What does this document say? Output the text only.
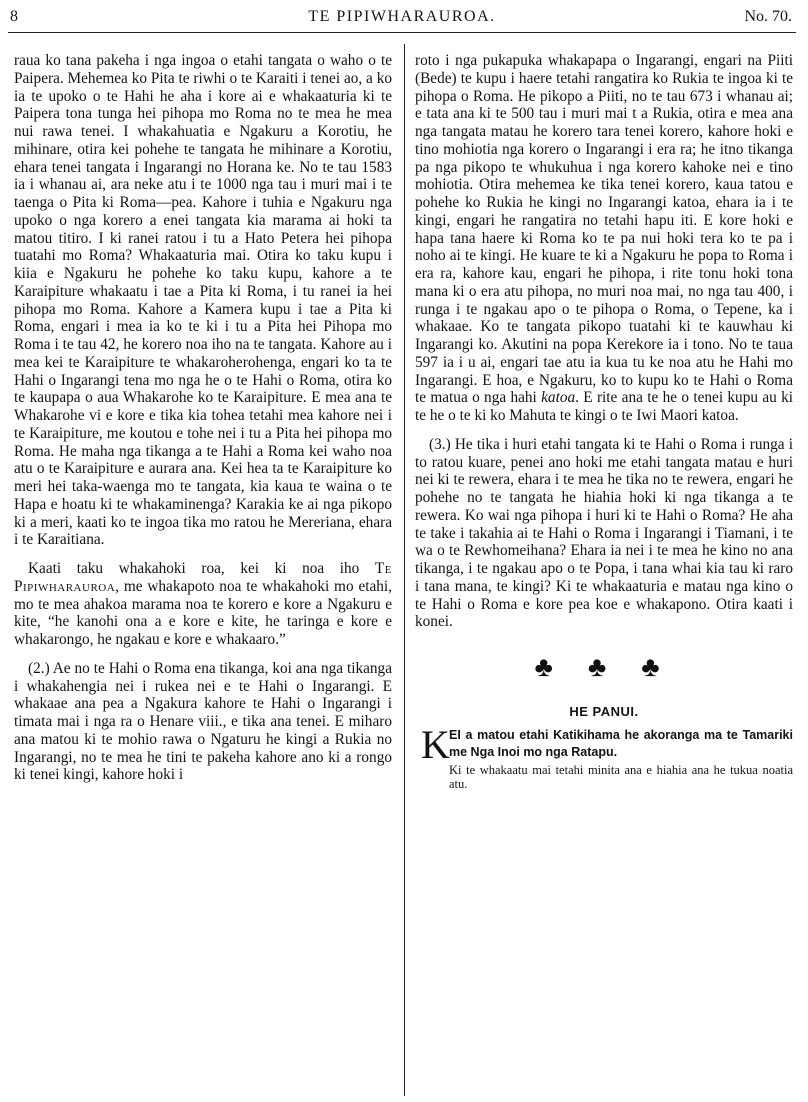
8	TE PIPIWHARAUROA.	No. 70.

raua ko tana pakeha i nga ingoa o etahi tangata o waho o te Paipera. Mehemea ko Pita te riwhi o te Karaiti i tenei ao, a ko ia te upoko o te Hahi he aha i kore ai e whakaaturia ki te Paipera tona tunga hei pihopa mo Roma no te mea he mea nui rawa tenei. I whakahuatia e Ngakuru a Korotiu, he mihinare, otira kei pohehe te tangata he mihinare a Korotiu, ehara tenei tangata i Ingarangi no Horana ke. No te tau 1583 ia i whanau ai, ara neke atu i te 1000 nga tau i muri mai i te taenga o Pita ki Roma—pea. Kahore i tuhia e Ngakuru nga upoko o nga korero a enei tangata kia marama ai hoki ta matou titiro. I ki ranei ratou i tu a Hato Petera hei pihopa tuatahi mo Roma? Whakaaturia mai. Otira ko taku kupu i kiia e Ngakuru he pohehe ko taku kupu, kahore a te Karaipiture whakaatu i tae a Pita ki Roma, i tu ranei ia hei pihopa mo Roma. Kahore a Kamera kupu i tae a Pita ki Roma, engari i mea ia ko te ki i tu a Pita hei Pihopa mo Roma i te tau 42, he korero noa iho na te tangata. Kahore au i mea kei te Karaipiture te whakaroherohenga, engari ko ta te Hahi o Ingarangi tena mo nga he o te Hahi o Roma, otira ko te kaupapa o aua Whakarohe ko te Karaipiture. E mea ana te Whakarohe vi e kore e tika kia tohea tetahi mea kahore nei i te Karaipiture, me koutou e tohe nei i tu a Pita hei pihopa mo Roma. He maha nga tikanga a te Hahi a Roma kei waho noa atu o te Karaipiture e aurara ana. Kei hea ta te Karaipiture ko meri hei taka-waenga mo te tangata, kia kaua te waina o te Hapa e hoatu ki te whakaminenga? Karakia ke ai nga pikopo ki a meri, kaati ko te ingoa tika mo ratou he Mereriana, ehara i te Karaitiana.

Kaati taku whakahoki roa, kei ki noa iho Te Pipiwharauroa, me whakapoto noa te whakahoki mo etahi, mo te mea ahakoa marama noa te korero e kore a Ngakuru e kite, “he kanohi ona a e kore e kite, he taringa e kore e whakarongo, he ngakau e kore e whakaaro.”

(2.) Ae no te Hahi o Roma ena tikanga, koi ana nga tikanga i whakahengia nei i rukea nei e te Hahi o Ingarangi. E whakaae ana pea a Ngakura kahore te Hahi o Ingarangi i timata mai i nga ra o Henare viii., e tika ana tenei. E miharo ana matou ki te mohio rawa o Ngaturu he kingi a Rukia no Ingarangi, no te mea he tini te pakeha kahore ano ki a rongo ki tenei kingi, kahore hoki i

roto i nga pukapuka whakapapa o Ingarangi, engari na Piiti (Bede) te kupu i haere tetahi rangatira ko Rukia te ingoa ki te pihopa o Roma. He pikopo a Piiti, no te tau 673 i whanau ai; e tata ana ki te 500 tau i muri mai t a Rukia, otira e mea ana nga tangata matau he korero tara tenei korero, kahore hoki e tino mohiotia nga korero o Ingarangi i era ra; he itno tikanga pa nga pikopo te whukuhua i nga korero kahoke nei e tino mohiotia. Otira mehemea ke tika tenei korero, kaua tatou e pohehe ko Rukia he kingi no Ingarangi katoa, ehara ia i te kingi, engari he rangatira no tetahi hapu iti. E kore hoki e hapa tana haere ki Roma ko te pa nui hoki tera ko te pa i noho ai te kingi. He kuare te ki a Ngakuru he popa to Roma i era ra, kahore kau, engari he pihopa, i rite tonu hoki tona mana ki o era atu pihopa, no muri noa mai, no nga tau 400, i runga i te ngakau apo o te pihopa o Roma, o Tepene, ka i whakaae. Ko te tangata pikopo tuatahi ki te kauwhau ki Ingarangi ko. Akutini na popa Kerekore ia i tono. No te taua 597 ia i u ai, engari tae atu ia kua tu ke noa atu he Hahi mo Ingarangi. E hoa, e Ngakuru, ko to kupu ko te Hahi o Roma te matua o nga hahi katoa. E rite ana te he o tenei kupu au ki te he o te ki ko Mahuta te kingi o te Iwi Maori katoa.

(3.) He tika i huri etahi tangata ki te Hahi o Roma i runga i to ratou kuare, penei ano hoki me etahi tangata matau e huri nei ki te rewera, ehara i te mea he tika no te rewera, engari he pohehe no te tangata he hiahia hoki ki nga tikanga a te rewera. Ko wai nga pihopa i huri ki te Hahi o Roma? He aha te take i takahia ai te Hahi o Roma i Ingarangi i Tiamani, i te wa o te Rewhomeihana? Ehara ia nei i te mea he kino no ana tikanga, i te ngakau apo o te Popa, i tana whai kia tau ki raro i tana mana, te kingi? Ki te whakaaturia e matau nga kino o te Hahi o Roma e kore pea koe e whakapono. Otira kaati i konei.

♣ ♣ ♣
HE PANUI.
K EI a matou etahi Katikihama he akoranga ma te Tamariki me Nga Inoi mo nga Ratapu.
Ki te whakaatu mai tetahi minita ana e hiahia ana he tukua noatia atu.
